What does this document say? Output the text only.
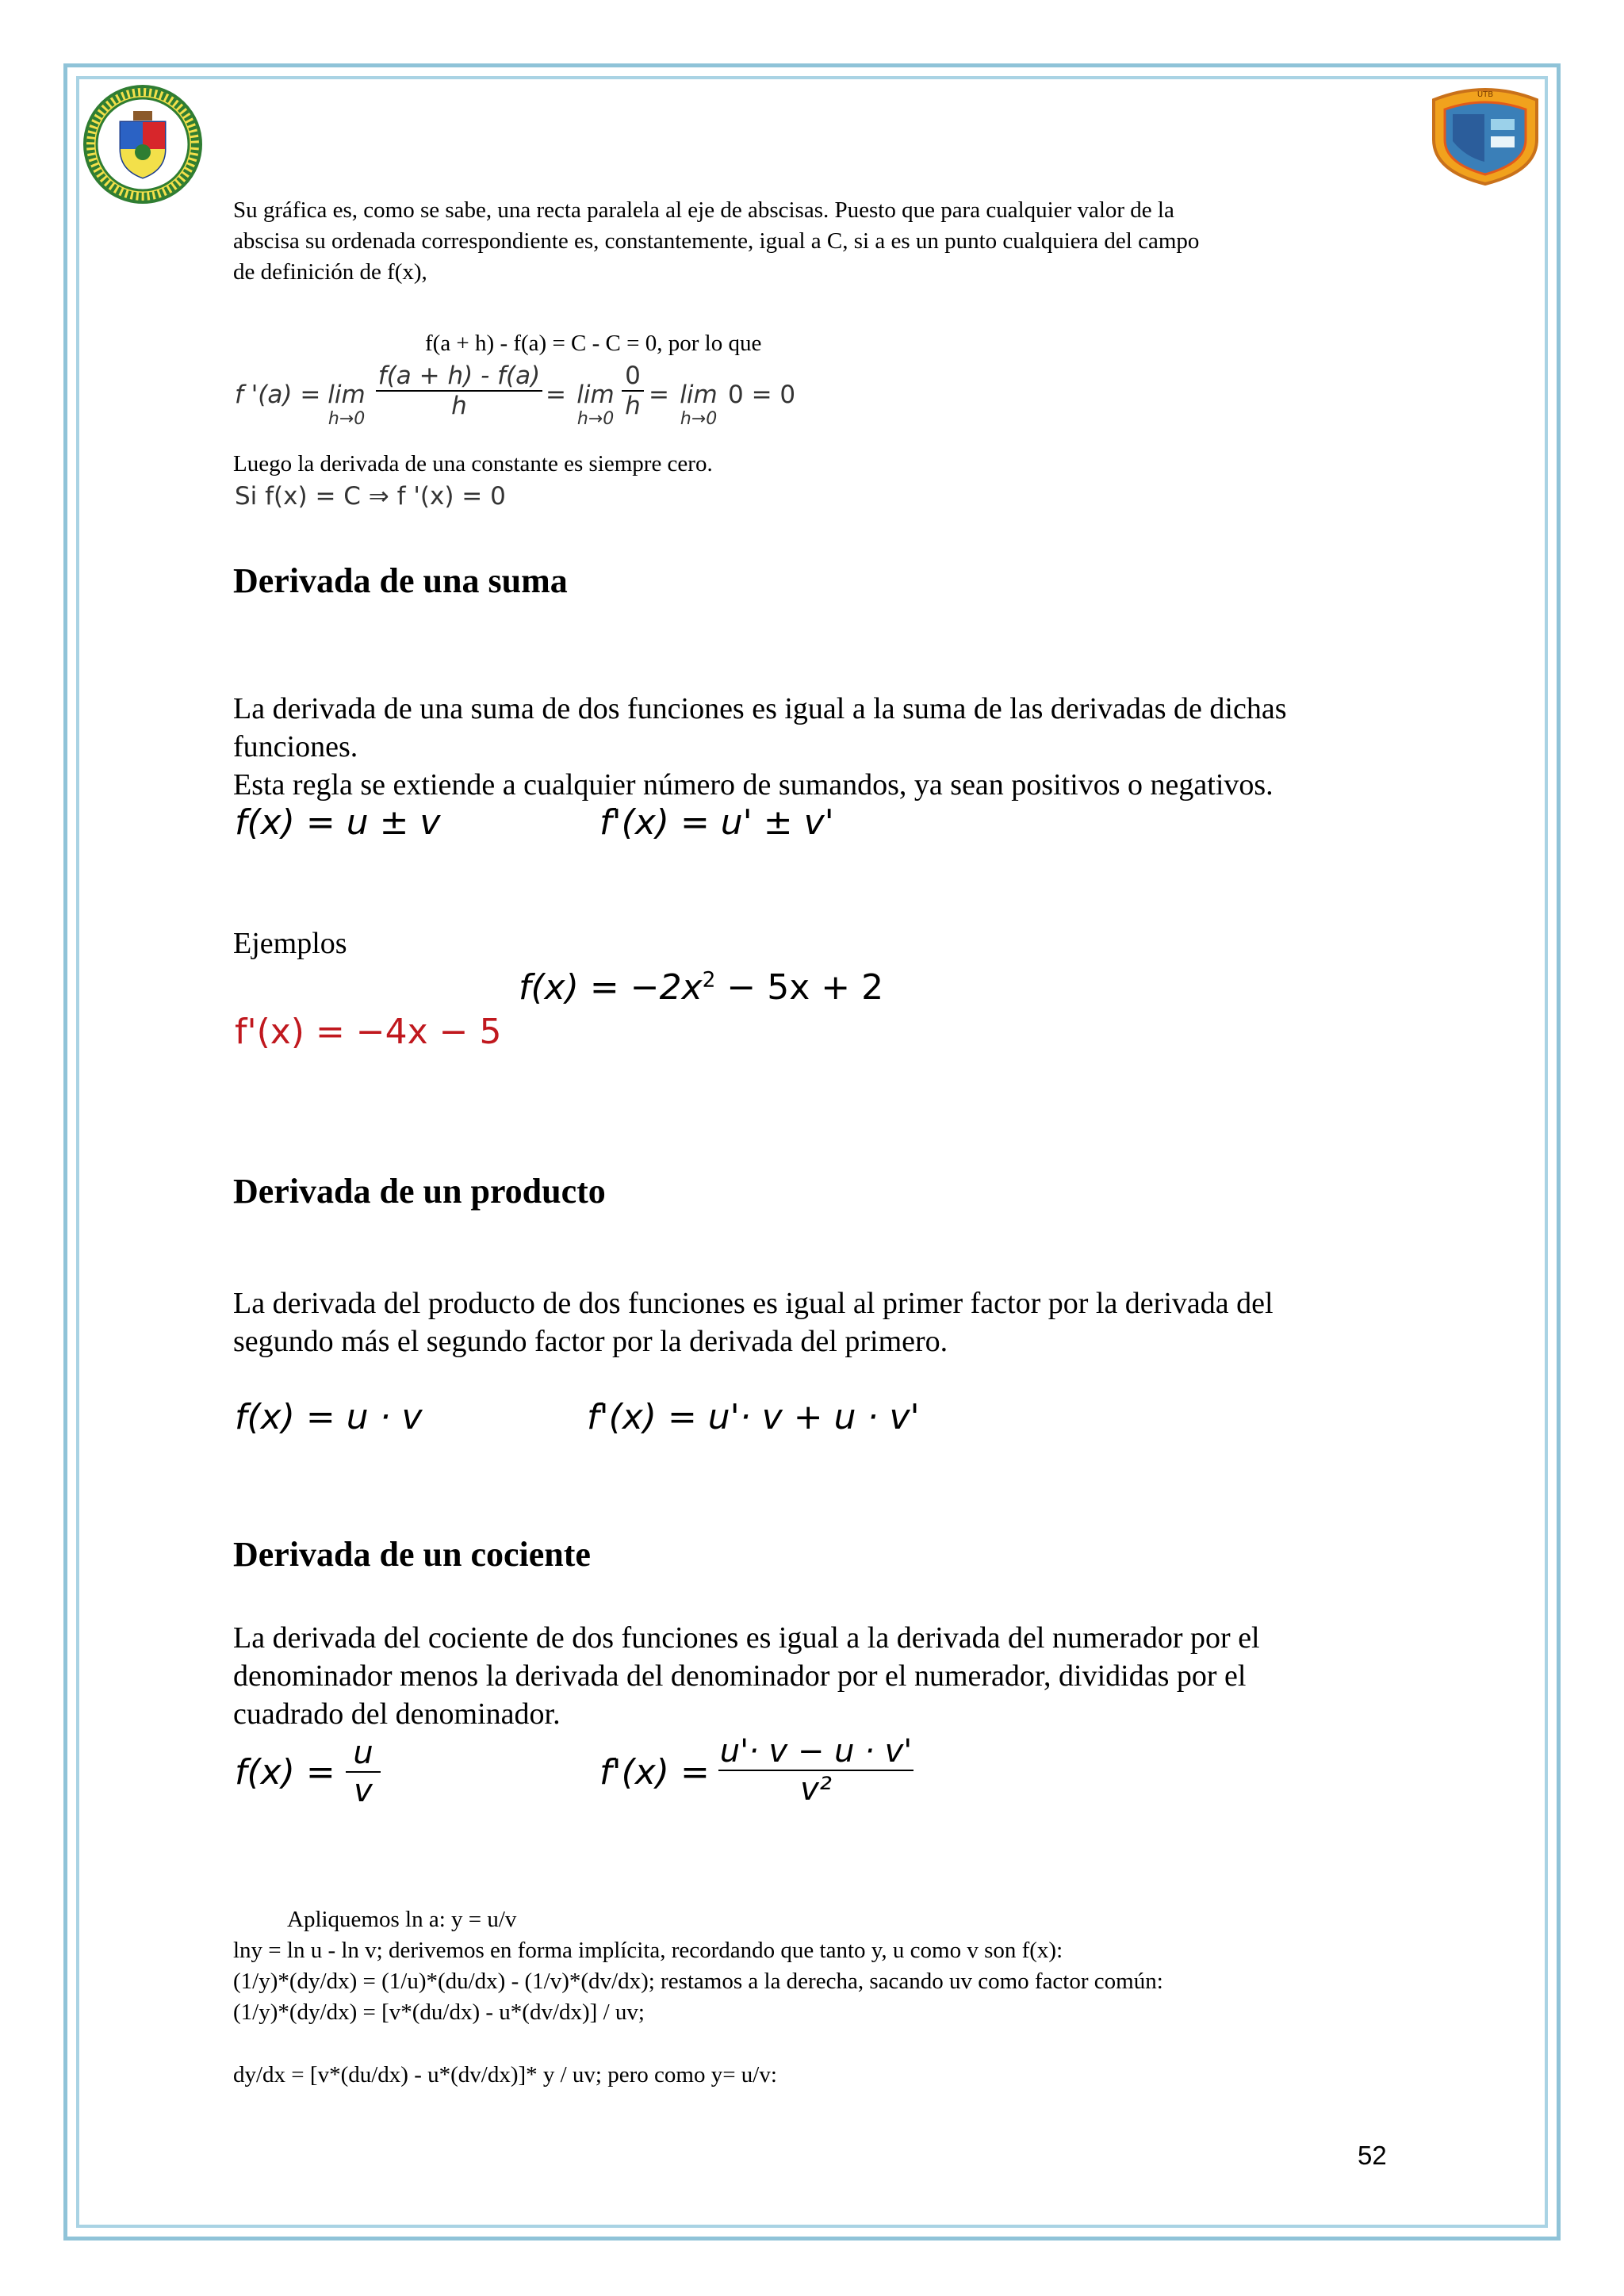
UTB

Su gráfica es, como se sabe, una recta paralela al eje de abscisas. Puesto que para cualquier valor de la

abscisa su ordenada correspondiente es, constantemente, igual a C, si a es un punto cualquiera del campo

de definición de f(x),

f(a + h) - f(a) = C - C = 0, por lo que

f '(a) = lim
h→0
f(a + h) - f(a)
h	= lim
h→0
0
h = lim
h→0
0 = 0

Luego la derivada de una constante es siempre cero.

Si f(x) = C ⇒ f '(x) = 0
Derivada de una suma

La derivada de una suma de dos funciones es igual a la suma de las derivadas de dichas

funciones.

Esta regla se extiende a cualquier número de sumandos, ya sean positivos o negativos.

f(x) = u ± v	f'(x) = u' ± v'

Ejemplos

$f(x) = -2x^2 - 5x + 2$
f'(x) = −4x − 5
Derivada de un producto

La derivada del producto de dos funciones es igual al primer factor por la derivada del

segundo más el segundo factor por la derivada del primero.

f(x) = u · v	f'(x) = u'· v + u · v'
Derivada de un cociente

La derivada del cociente de dos funciones es igual a la derivada del numerador por el

denominador menos la derivada del denominador por el numerador, divididas por el

cuadrado del denominador.

f(x) = u
v	f'(x) =
u'· v − u · v'
v²

Apliquemos ln a: y = u/v

lny = ln u - ln v; derivemos en forma implícita, recordando que tanto y, u como v son f(x):

(1/y)*(dy/dx) = (1/u)*(du/dx) - (1/v)*(dv/dx); restamos a la derecha, sacando uv como factor común:

(1/y)*(dy/dx) = [v*(du/dx) - u*(dv/dx)] / uv;

dy/dx = [v*(du/dx) - u*(dv/dx)]* y / uv; pero como y= u/v:

52
